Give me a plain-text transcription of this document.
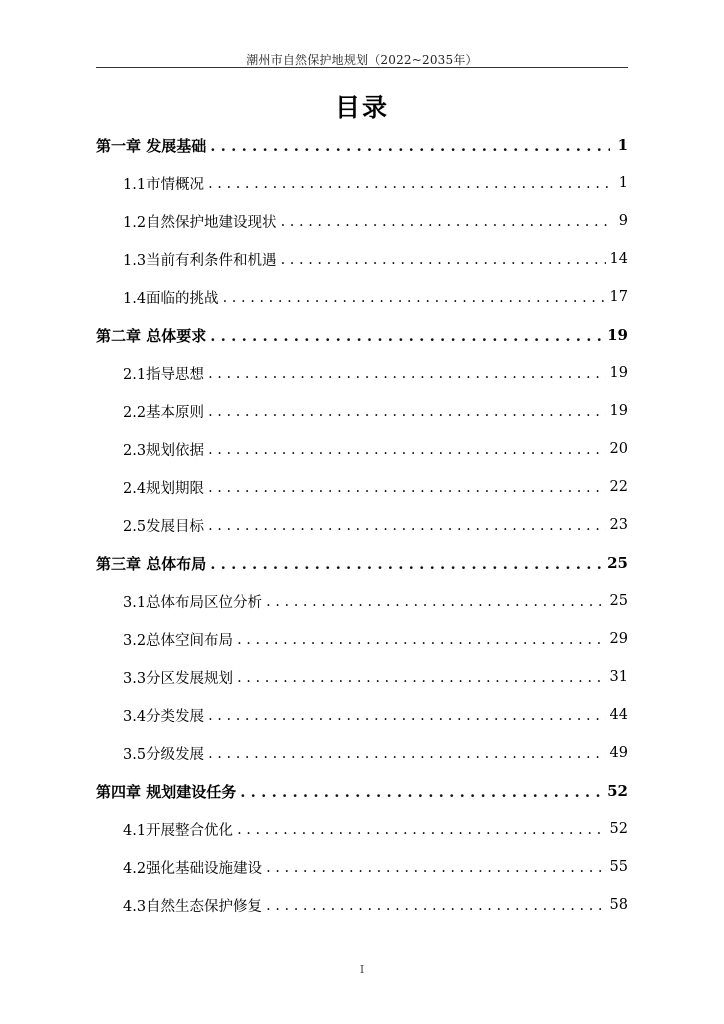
潮州市自然保护地规划（2022~2035年）
目录
第一章 发展基础 . . .	1
1.1市情概况 . . .	1
1.2自然保护地建设现状 . . .	9
1.3当前有利条件和机遇 . . .	14
1.4面临的挑战 . . .	17
第二章 总体要求 . . .	19
2.1指导思想 . . .	19
2.2基本原则 . . .	19
2.3规划依据 . . .	20
2.4规划期限 . . .	22
2.5发展目标 . . .	23
第三章 总体布局 . . .	25
3.1总体布局区位分析 . . .	25
3.2总体空间布局 . . .	29
3.3分区发展规划 . . .	31
3.4分类发展 . . .	44
3.5分级发展 . . .	49
第四章 规划建设任务 . . .	52
4.1开展整合优化 . . .	52
4.2强化基础设施建设 . . .	55
4.3自然生态保护修复 . . .	58
I
